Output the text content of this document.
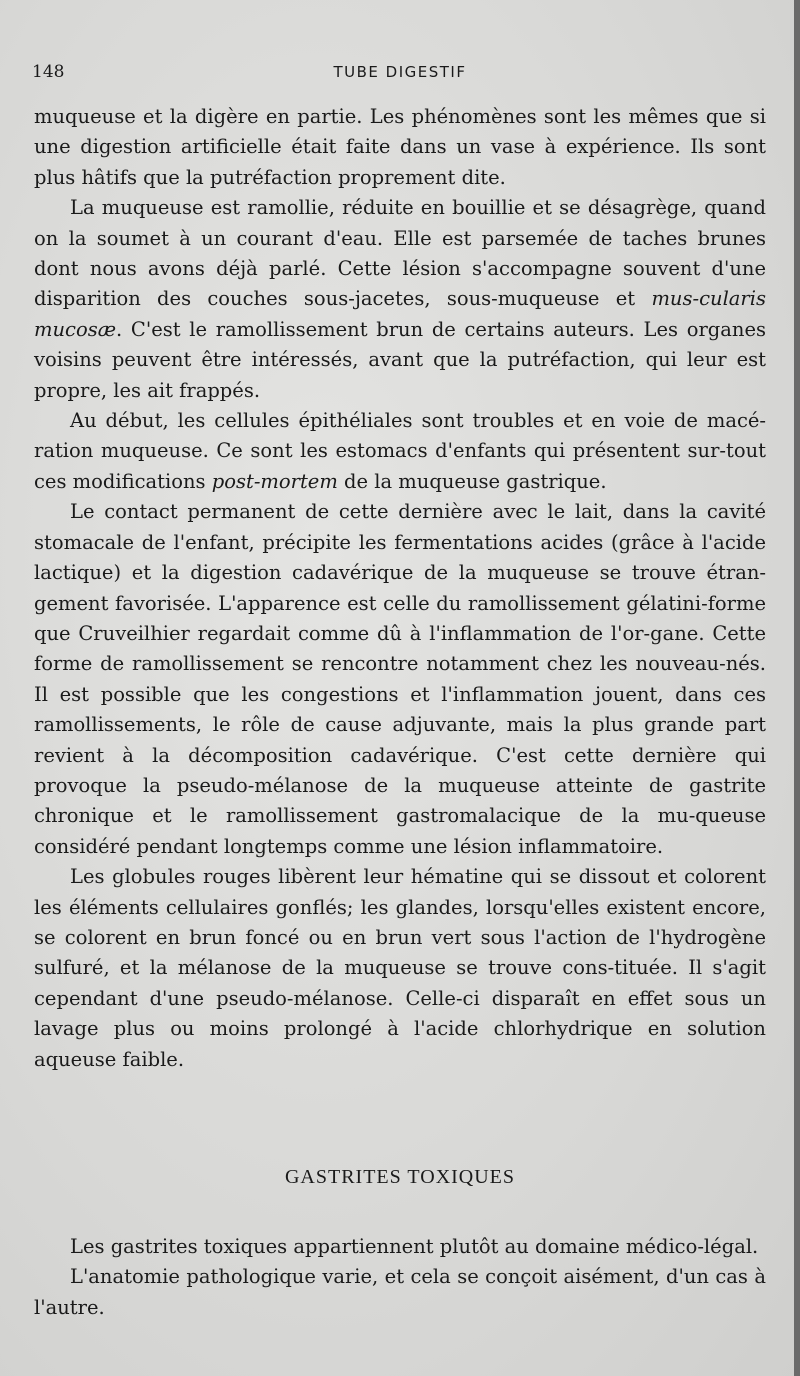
148	TUBE DIGESTIF

muqueuse et la digère en partie. Les phénomènes sont les mêmes que si une digestion artificielle était faite dans un vase à expérience. Ils sont plus hâtifs que la putréfaction proprement dite.

La muqueuse est ramollie, réduite en bouillie et se désagrège, quand on la soumet à un courant d'eau. Elle est parsemée de taches brunes dont nous avons déjà parlé. Cette lésion s'accompagne souvent d'une disparition des couches sous-jacetes, sous-muqueuse et mus-cularis mucosæ. C'est le ramollissement brun de certains auteurs. Les organes voisins peuvent être intéressés, avant que la putréfaction, qui leur est propre, les ait frappés.

Au début, les cellules épithéliales sont troubles et en voie de macé-ration muqueuse. Ce sont les estomacs d'enfants qui présentent sur-tout ces modifications post-mortem de la muqueuse gastrique.

Le contact permanent de cette dernière avec le lait, dans la cavité stomacale de l'enfant, précipite les fermentations acides (grâce à l'acide lactique) et la digestion cadavérique de la muqueuse se trouve étran-gement favorisée. L'apparence est celle du ramollissement gélatini-forme que Cruveilhier regardait comme dû à l'inflammation de l'or-gane. Cette forme de ramollissement se rencontre notamment chez les nouveau-nés. Il est possible que les congestions et l'inflammation jouent, dans ces ramollissements, le rôle de cause adjuvante, mais la plus grande part revient à la décomposition cadavérique. C'est cette dernière qui provoque la pseudo-mélanose de la muqueuse atteinte de gastrite chronique et le ramollissement gastromalacique de la mu-queuse considéré pendant longtemps comme une lésion inflammatoire.

Les globules rouges libèrent leur hématine qui se dissout et colorent les éléments cellulaires gonflés; les glandes, lorsqu'elles existent encore, se colorent en brun foncé ou en brun vert sous l'action de l'hydrogène sulfuré, et la mélanose de la muqueuse se trouve cons-tituée. Il s'agit cependant d'une pseudo-mélanose. Celle-ci disparaît en effet sous un lavage plus ou moins prolongé à l'acide chlorhydrique en solution aqueuse faible.

GASTRITES TOXIQUES

Les gastrites toxiques appartiennent plutôt au domaine médico-légal.

L'anatomie pathologique varie, et cela se conçoit aisément, d'un cas à l'autre.
